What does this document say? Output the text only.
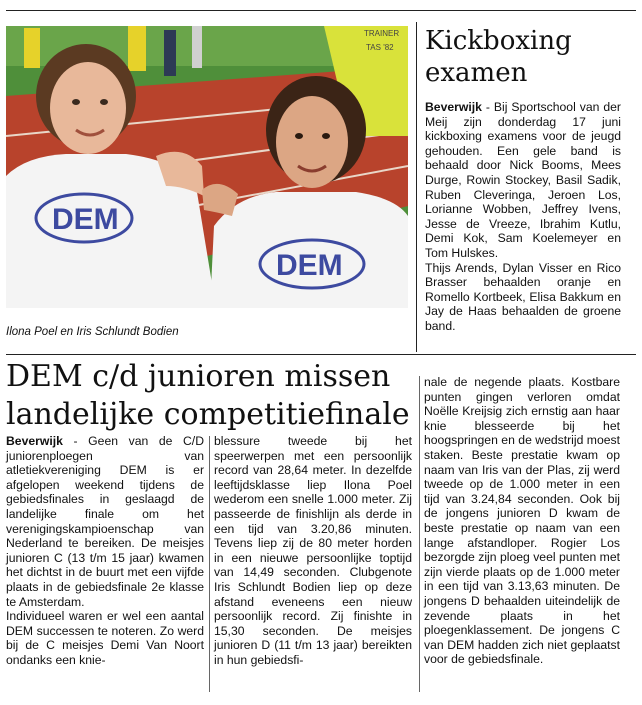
TRAINER
TAS '82
DEM
DEM
Ilona Poel en Iris Schlundt Bodien
Kickboxing
examen

Beverwijk - Bij Sportschool van der Meij zijn donderdag 17 juni kickboxing examens voor de jeugd gehouden. Een gele band is behaald door Nick Booms, Mees Durge, Rowin Stockey, Basil Sadik, Ruben Cleveringa, Jeroen Los, Lorianne Wobben, Jeffrey Ivens, Jesse de Vreeze, Ibrahim Kutlu, Demi Kok, Sam Koelemeyer en Tom Hulskes.

Thijs Arends, Dylan Visser en Rico Brasser behaalden oranje en Romello Kortbeek, Elisa Bakkum en Jay de Haas behaalden de groene band.

DEM c/d junioren missen
landelijke competitiefinale

Beverwijk - Geen van de C/D juniorenploegen van atletiekvereniging DEM is er afgelopen weekend tijdens de gebiedsfinales in geslaagd de landelijke finale om het verenigingskampioenschap van Nederland te bereiken. De meisjes junioren C (13 t/m 15 jaar) kwamen het dichtst in de buurt met een vijfde plaats in de gebiedsfinale 2e klasse te Amsterdam.

Individueel waren er wel een aantal DEM successen te noteren. Zo werd bij de C meisjes Demi Van Noort ondanks een knie-

blessure tweede bij het speerwerpen met een persoonlijk record van 28,64 meter. In dezelfde leeftijdsklasse liep Ilona Poel wederom een snelle 1.000 meter. Zij passeerde de finishlijn als derde in een tijd van 3.20,86 minuten. Tevens liep zij de 80 meter horden in een nieuwe persoonlijke toptijd van 14,49 seconden. Clubgenote Iris Schlundt Bodien liep op deze afstand eveneens een nieuw persoonlijk record. Zij finishte in 15,30 seconden. De meisjes junioren D (11 t/m 13 jaar) bereikten in hun gebiedsfi-

nale de negende plaats. Kostbare punten gingen verloren omdat Noëlle Kreijsig zich ernstig aan haar knie blesseerde bij het hoogspringen en de wedstrijd moest staken. Beste prestatie kwam op naam van Iris van der Plas, zij werd tweede op de 1.000 meter in een tijd van 3.24,84 seconden. Ook bij de jongens junioren D kwam de beste prestatie op naam van een lange afstandloper. Rogier Los bezorgde zijn ploeg veel punten met zijn vierde plaats op de 1.000 meter in een tijd van 3.13,63 minuten. De jongens D behaalden uiteindelijk de zevende plaats in het ploegenklassement. De jongens C van DEM hadden zich niet geplaatst voor de gebiedsfinale.
